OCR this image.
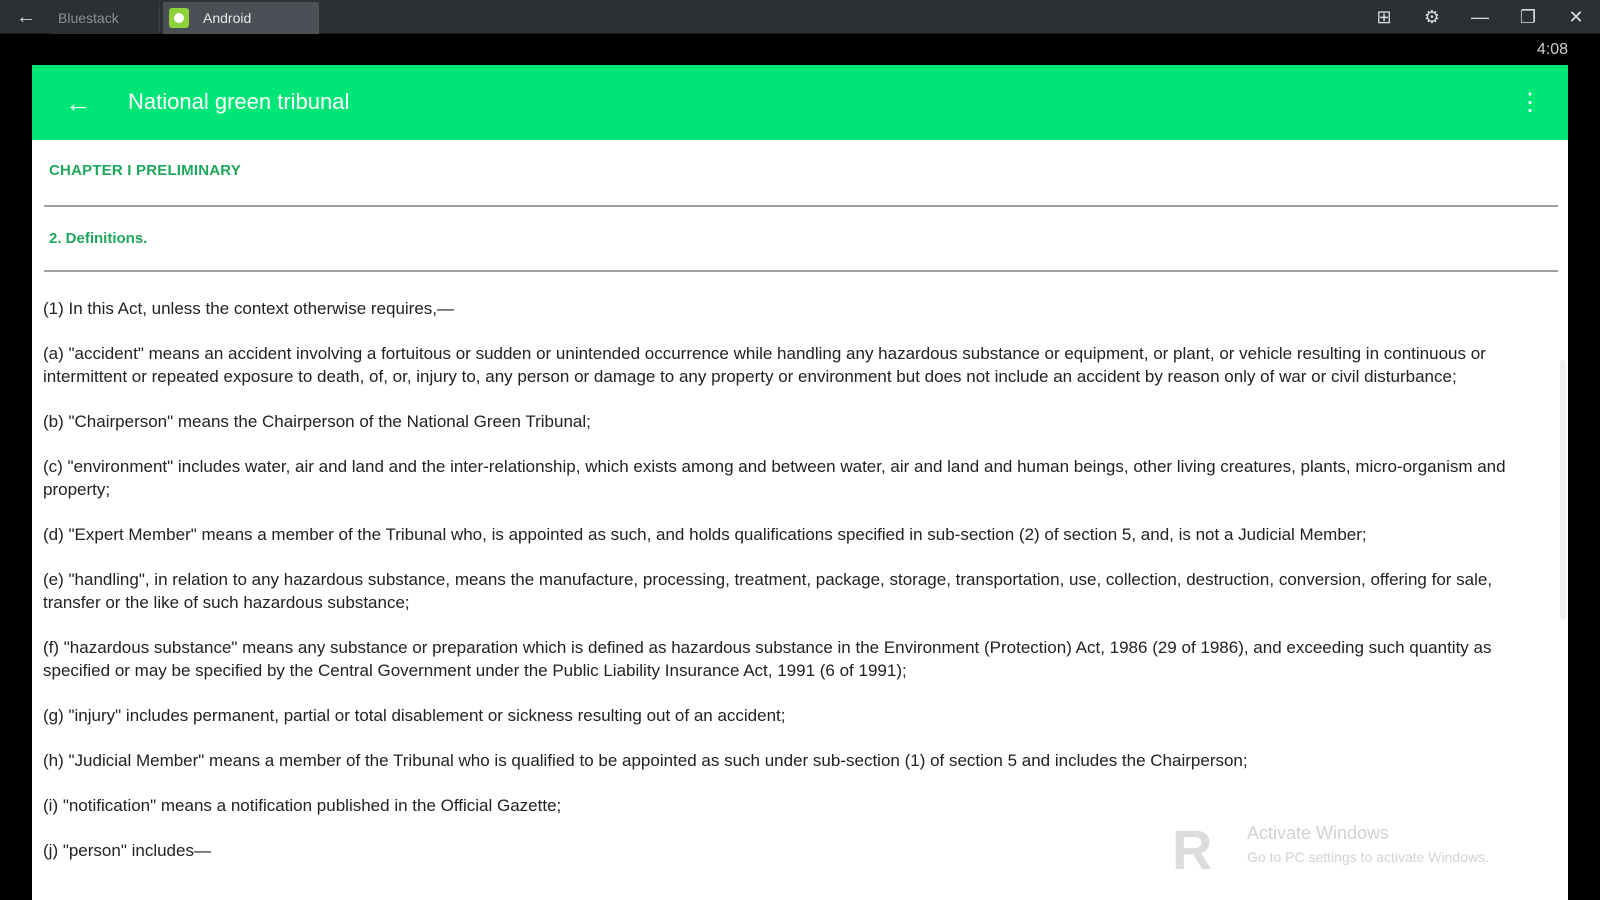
←	Bluestack	Android	⊞	⚙	—	❐	✕
4:08
←	National green tribunal	⋮
CHAPTER I PRELIMINARY
2. Definitions.

(1) In this Act, unless the context otherwise requires,—

(a) "accident" means an accident involving a fortuitous or sudden or unintended occurrence while handling any hazardous substance or equipment, or plant, or vehicle resulting in continuous or intermittent or repeated exposure to death, of, or, injury to, any person or damage to any property or environment but does not include an accident by reason only of war or civil disturbance;

(b) "Chairperson" means the Chairperson of the National Green Tribunal;

(c) "environment" includes water, air and land and the inter-relationship, which exists among and between water, air and land and human beings, other living creatures, plants, micro-organism and property;

(d) "Expert Member" means a member of the Tribunal who, is appointed as such, and holds qualifications specified in sub-section (2) of section 5, and, is not a Judicial Member;

(e) "handling", in relation to any hazardous substance, means the manufacture, processing, treatment, package, storage, transportation, use, collection, destruction, conversion, offering for sale, transfer or the like of such hazardous substance;

(f) "hazardous substance" means any substance or preparation which is defined as hazardous substance in the Environment (Protection) Act, 1986 (29 of 1986), and exceeding such quantity as specified or may be specified by the Central Government under the Public Liability Insurance Act, 1991 (6 of 1991);

(g) "injury" includes permanent, partial or total disablement or sickness resulting out of an accident;

(h) "Judicial Member" means a member of the Tribunal who is qualified to be appointed as such under sub-section (1) of section 5 and includes the Chairperson;

(i) "notification" means a notification published in the Official Gazette;

(j) "person" includes—	R	Activate Windows
Go to PC settings to activate Windows.
